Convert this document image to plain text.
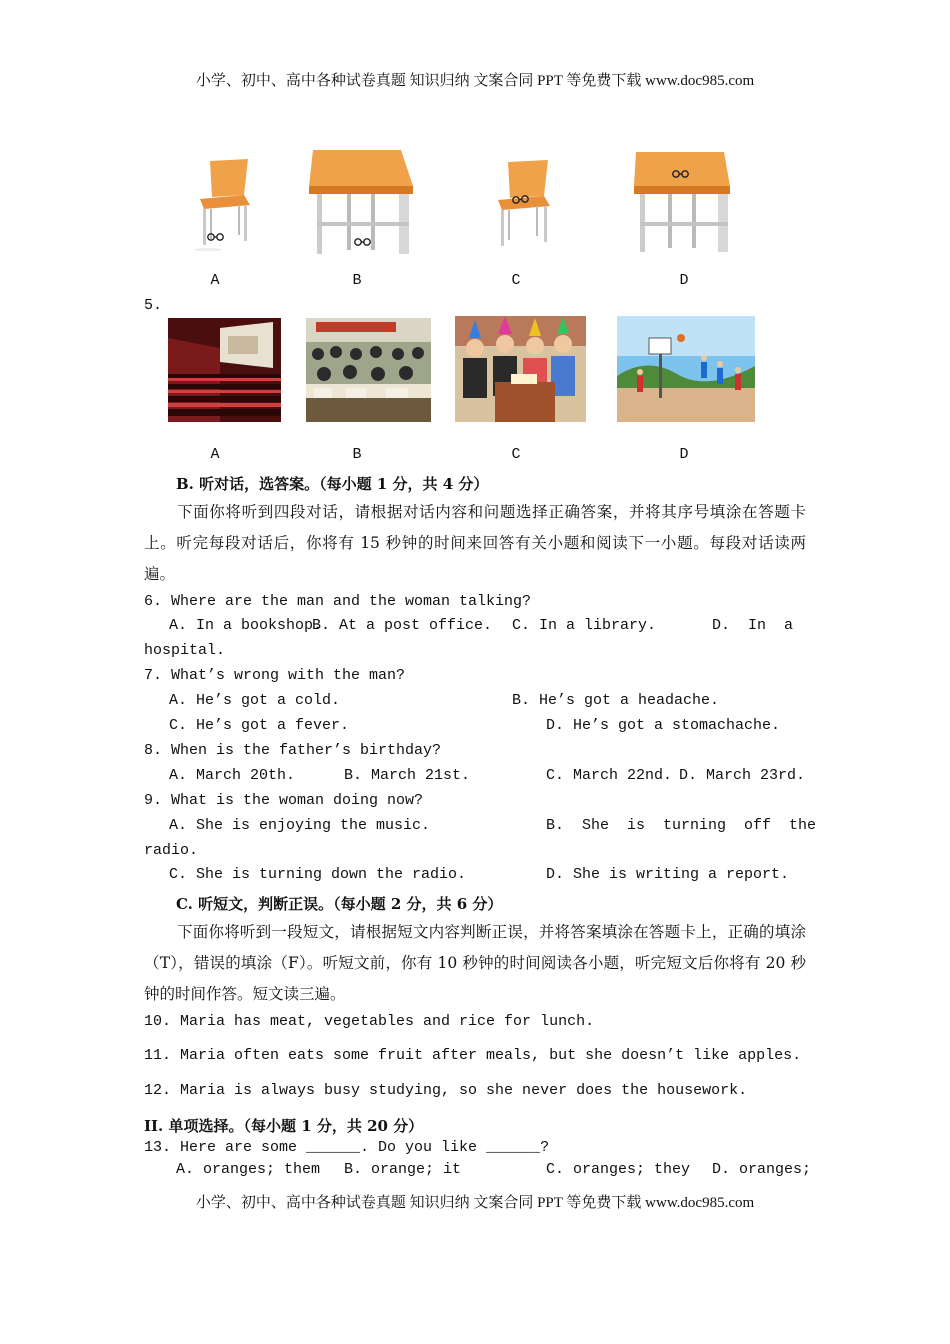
小学、初中、高中各种试卷真题 知识归纳 文案合同 PPT 等免费下载 www.doc985.com
A	B	C	D
5.
A	B	C	D
B. 听对话，选答案。（每小题 1 分，共 4 分）
下面你将听到四段对话，请根据对话内容和问题选择正确答案，并将其序号填涂在答题卡上。听完每段对话后，你将有 15 秒钟的时间来回答有关小题和阅读下一小题。每段对话读两遍。
6. Where are the man and the woman talking?
A. In a bookshop.
B. At a post office. C. In a library.	D.  In  a
hospital.
7. What’s wrong with the man?
A. He’s got a cold.	B. He’s got a headache.
C. He’s got a fever.	D. He’s got a stomachache.
8. When is the father’s birthday?
A. March 20th.	B. March 21st.	C. March 22nd. D. March 23rd.
9. What is the woman doing now?
A. She is enjoying the music.	B.  She  is  turning  off  the
radio.
C. She is turning down the radio.	D. She is writing a report.
C. 听短文，判断正误。（每小题 2 分，共 6 分）
下面你将听到一段短文，请根据短文内容判断正误，并将答案填涂在答题卡上，正确的填涂（T），错误的填涂（F）。听短文前，你有 10 秒钟的时间阅读各小题，听完短文后你将有 20 秒钟的时间作答。短文读三遍。
10. Maria has meat, vegetables and rice for lunch.
11. Maria often eats some fruit after meals, but she doesn’t like apples.
12. Maria is always busy studying, so she never does the housework.
II. 单项选择。（每小题 1 分，共 20 分）
13. Here are some ______. Do you like ______?
A. oranges; them B. orange; it	C. oranges; they D. oranges;
小学、初中、高中各种试卷真题 知识归纳 文案合同 PPT 等免费下载 www.doc985.com
